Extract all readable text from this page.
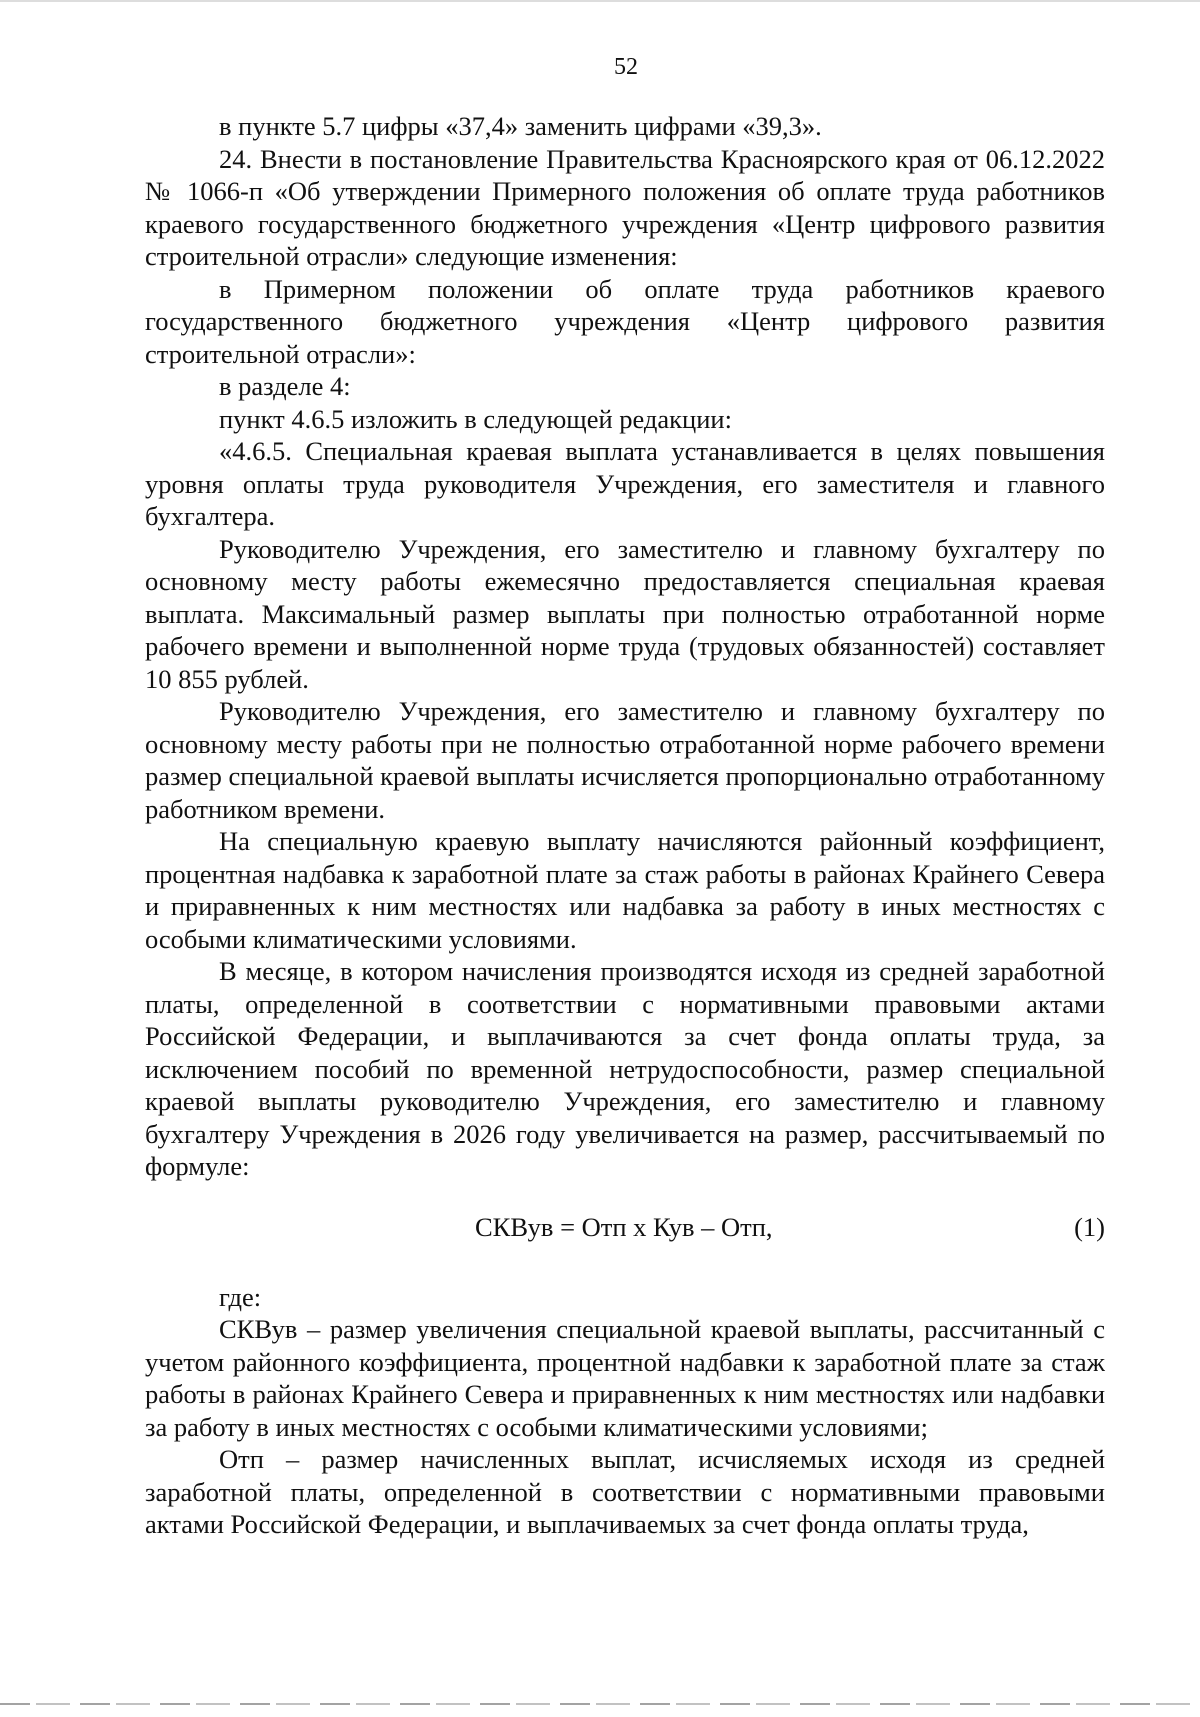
52

в пункте 5.7 цифры «37,4» заменить цифрами «39,3».

24. Внести в постановление Правительства Красноярского края от 06.12.2022 № 1066-п «Об утверждении Примерного положения об оплате труда работников краевого государственного бюджетного учреждения «Центр цифрового развития строительной отрасли» следующие изменения:

в Примерном положении об оплате труда работников краевого государственного бюджетного учреждения «Центр цифрового развития строительной отрасли»:

в разделе 4:

пункт 4.6.5 изложить в следующей редакции:

«4.6.5. Специальная краевая выплата устанавливается в целях повышения уровня оплаты труда руководителя Учреждения, его заместителя и главного бухгалтера.

Руководителю Учреждения, его заместителю и главному бухгалтеру по основному месту работы ежемесячно предоставляется специальная краевая выплата. Максимальный размер выплаты при полностью отработанной норме рабочего времени и выполненной норме труда (трудовых обязанностей) составляет 10 855 рублей.

Руководителю Учреждения, его заместителю и главному бухгалтеру по основному месту работы при не полностью отработанной норме рабочего времени размер специальной краевой выплаты исчисляется пропорционально отработанному работником времени.

На специальную краевую выплату начисляются районный коэффициент, процентная надбавка к заработной плате за стаж работы в районах Крайнего Севера и приравненных к ним местностях или надбавка за работу в иных местностях с особыми климатическими условиями.

В месяце, в котором начисления производятся исходя из средней заработной платы, определенной в соответствии с нормативными правовыми актами Российской Федерации, и выплачиваются за счет фонда оплаты труда, за исключением пособий по временной нетрудоспособности, размер специальной краевой выплаты руководителю Учреждения, его заместителю и главному бухгалтеру Учреждения в 2026 году увеличивается на размер, рассчитываемый по формуле:

СКВув = Отп х Кув – Отп,	(1)

где:

СКВув – размер увеличения специальной краевой выплаты, рассчитанный с учетом районного коэффициента, процентной надбавки к заработной плате за стаж работы в районах Крайнего Севера и приравненных к ним местностях или надбавки за работу в иных местностях с особыми климатическими условиями;

Отп – размер начисленных выплат, исчисляемых исходя из средней заработной платы, определенной в соответствии с нормативными правовыми актами Российской Федерации, и выплачиваемых за счет фонда оплаты труда,
